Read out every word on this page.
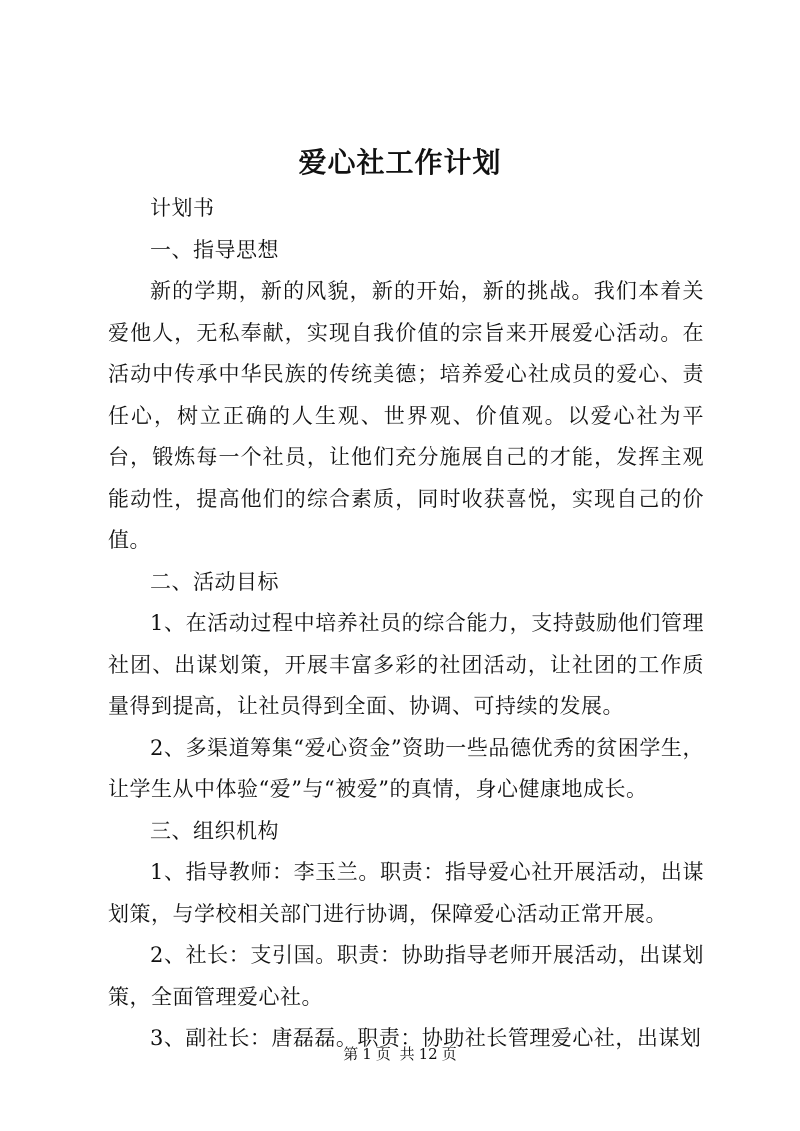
爱心社工作计划

计划书

一、指导思想

新的学期，新的风貌，新的开始，新的挑战。我们本着关爱他人，无私奉献，实现自我价值的宗旨来开展爱心活动。在活动中传承中华民族的传统美德；培养爱心社成员的爱心、责任心，树立正确的人生观、世界观、价值观。以爱心社为平台，锻炼每一个社员，让他们充分施展自己的才能，发挥主观能动性，提高他们的综合素质，同时收获喜悦，实现自己的价值。

二、活动目标

1、在活动过程中培养社员的综合能力，支持鼓励他们管理社团、出谋划策，开展丰富多彩的社团活动，让社团的工作质量得到提高，让社员得到全面、协调、可持续的发展。

2、多渠道筹集“爱心资金”资助一些品德优秀的贫困学生，让学生从中体验“爱”与“被爱”的真情，身心健康地成长。

三、组织机构

1、指导教师：李玉兰。职责：指导爱心社开展活动，出谋划策，与学校相关部门进行协调，保障爱心活动正常开展。

2、社长：支引国。职责：协助指导老师开展活动，出谋划策，全面管理爱心社。

3、副社长：唐磊磊。职责：协助社长管理爱心社，出谋划

第 1 页 共 12 页
